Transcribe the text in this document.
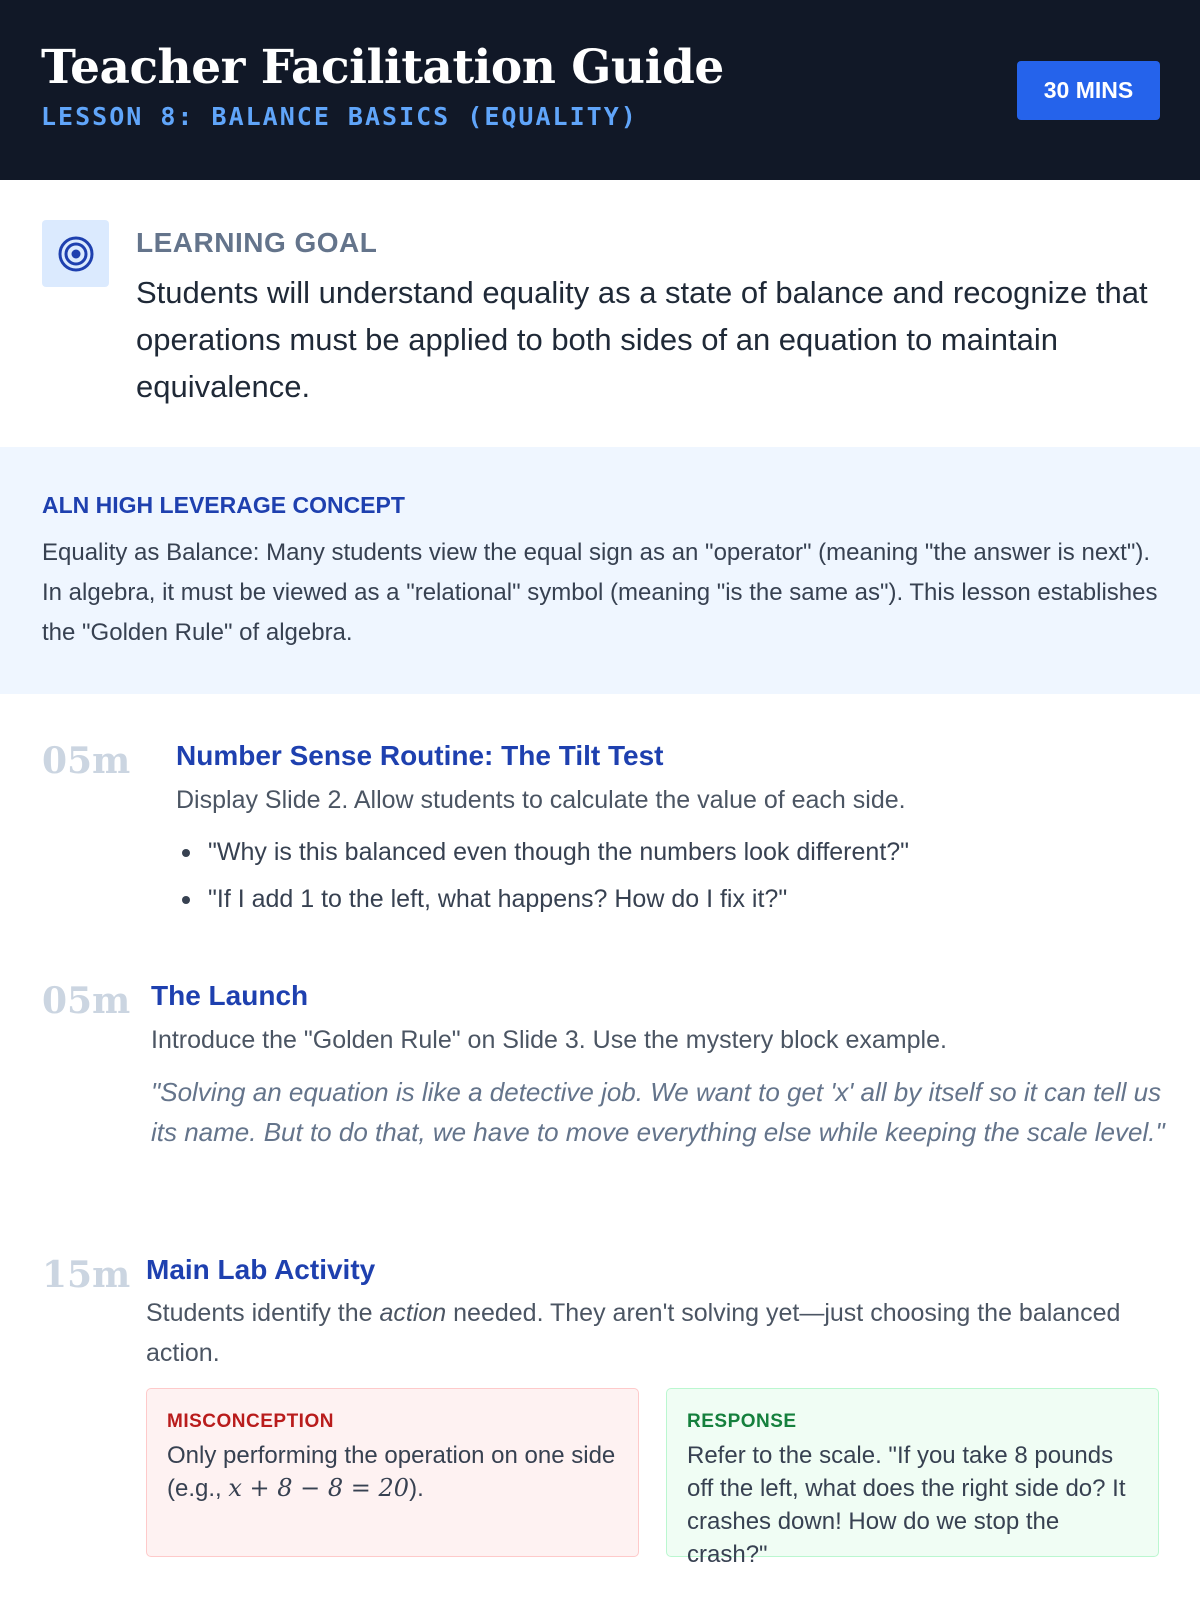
Teacher Facilitation Guide
LESSON 8: BALANCE BASICS (EQUALITY)
30 MINS
LEARNING GOAL
Students will understand equality as a state of balance and recognize that operations must be applied to both sides of an equation to maintain equivalence.
ALN HIGH LEVERAGE CONCEPT
Equality as Balance: Many students view the equal sign as an "operator" (meaning "the answer is next"). In algebra, it must be viewed as a "relational" symbol (meaning "is the same as"). This lesson establishes the "Golden Rule" of algebra.
05m Number Sense Routine: The Tilt Test
Display Slide 2. Allow students to calculate the value of each side.
"Why is this balanced even though the numbers look different?"
"If I add 1 to the left, what happens? How do I fix it?"
05m The Launch
Introduce the "Golden Rule" on Slide 3. Use the mystery block example.
"Solving an equation is like a detective job. We want to get 'x' all by itself so it can tell us its name. But to do that, we have to move everything else while keeping the scale level."
15m Main Lab Activity
Students identify the action needed. They aren't solving yet—just choosing the balanced action.
MISCONCEPTION
Only performing the operation on one side (e.g., x + 8 − 8 = 20).
RESPONSE
Refer to the scale. "If you take 8 pounds off the left, what does the right side do? It crashes down! How do we stop the crash?"
